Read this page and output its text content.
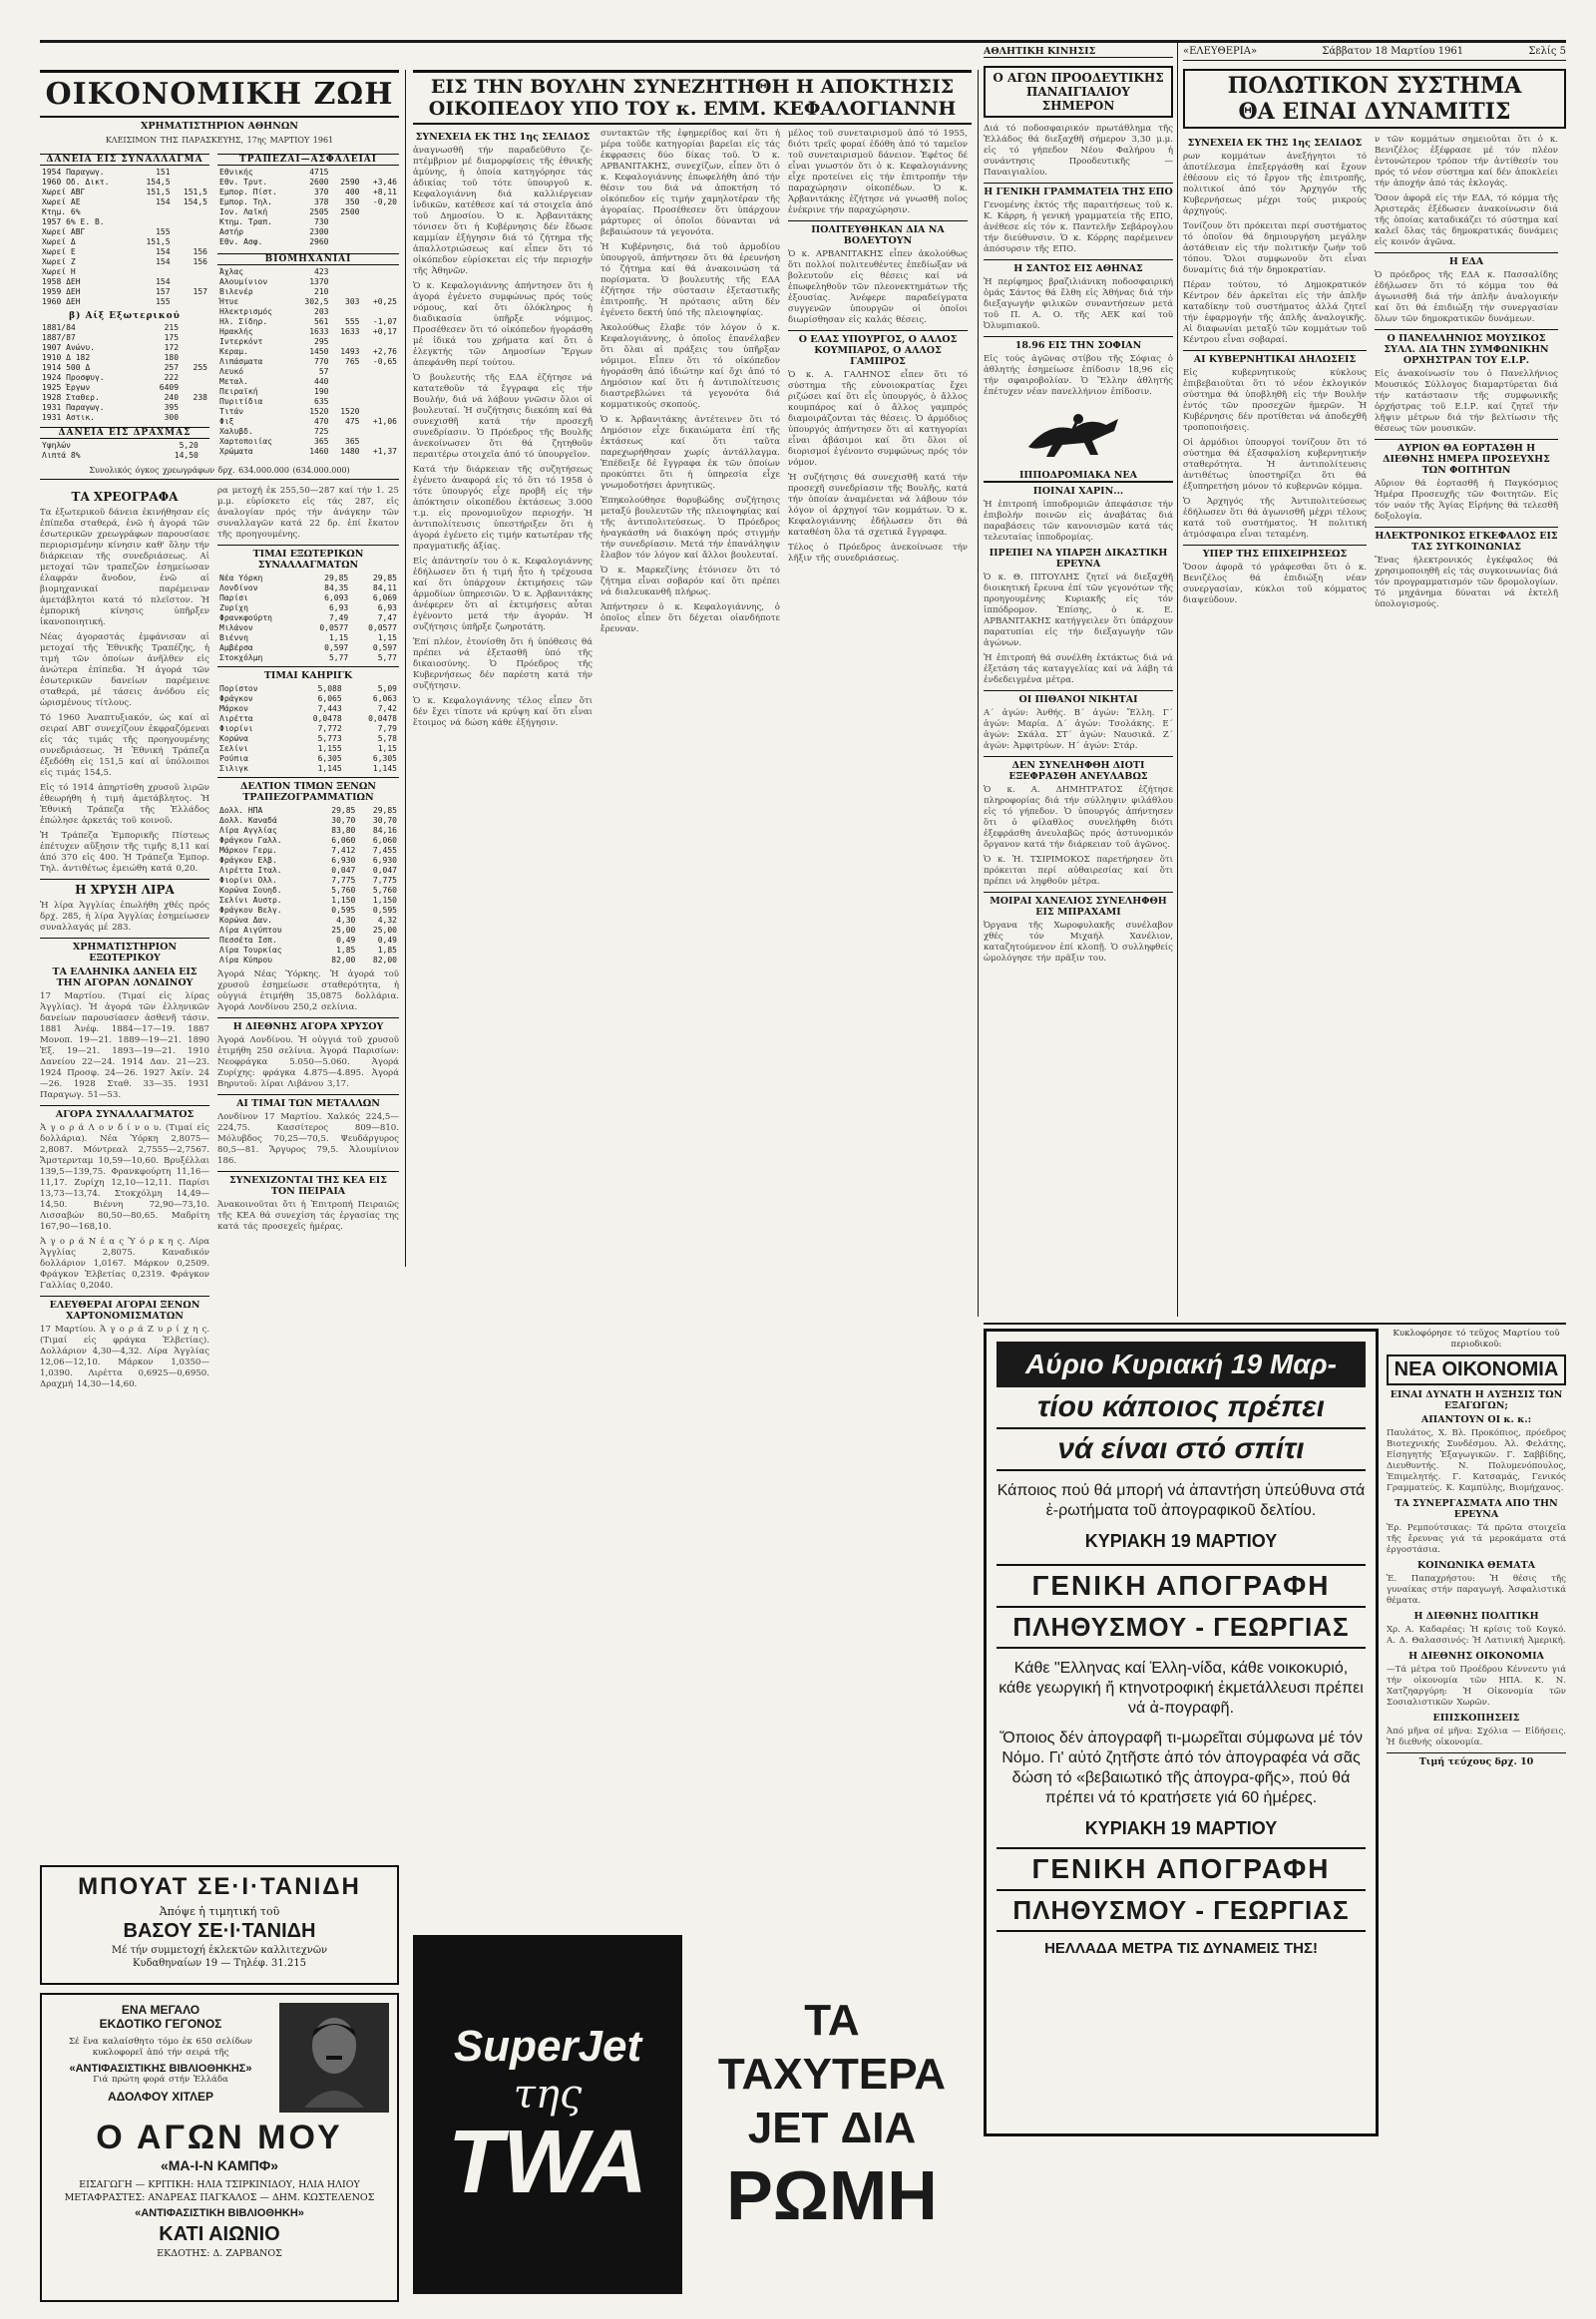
ΟΙΚΟΝΟΜΙΚΗ ΖΩΗ

ΧΡΗΜΑΤΙΣΤΗΡΙΟΝ ΑΘΗΝΩΝ

ΚΛΕΙΣΙΜΟΝ ΤΗΣ ΠΑΡΑΣΚΕΥΗΣ, 17ης ΜΑΡΤΙΟΥ 1961

ΔΑΝΕΙΑ ΕΙΣ ΣΥΝΑΛΛΑΓΜΑ
1954 Παραγωγ.	151	
1960 Οδ. Δικτ.	154,5	
Χωρεί ΑΒΓ	151,5	151,5
Χωρεί ΑΕ	154	154,5
Κτημ. 6%		
1957 6% Ε. Β.		
Χωρεί ΑΒΓ	155	
Χωρεί Δ	151,5	
Χωρεί Ε	154	156
Χωρεί Ζ	154	156
Χωρεί Η		
1958 ΔΕΗ	154	
1959 ΔΕΗ	157	157
1960 ΔΕΗ	155	
β) Αίξ Εξωτερικού
1881/84	215	
1887/87	175	
1907 Ανώνυ.	172	
1910 Δ 182	180	
1914 500 Δ	257	255
1924 Προσφυγ.	222	
1925 Έργων	6409	
1928 Σταθερ.	240	238
1931 Παραγωγ.	395	
1931 Αστικ.	300	
ΔΑΝΕΙΑ ΕΙΣ ΔΡΑΧΜΑΣ
Υψηλών	5,20	
Λιπτά 8%	14,50	
ΤΡΑΠΕΖΑΙ—ΑΣΦΑΛΕΙΑΙ
Εθνικής	4715		
Εθν. Τρυτ.	2600	2590	+3,46
Εμπορ. Πίστ.	370	400	+8,11
Εμπορ. Τηλ.	378	350	-0,20
Ιον. Λαϊκή	2505	2500	
Κτημ. Τραπ.	730		
Αστήρ	2300		
Εθν. Ασφ.	2960		
ΒΙΟΜΗΧΑΝΙΑΙ
Άχλας	423		
Αλουμίνιον	1370		
Βιλενέρ	210		
Ήτυε	302,5	303	+0,25
Ηλεκτρισμός	203		
Ηλ. Σίδηρ.	561	555	-1,07
Ηρακλής	1633	1633	+0,17
Ιντερκόντ	295		
Κεραμ.	1450	1493	+2,76
Λιπάσματα	770	765	-0,65
Λευκό	57		
Μεταλ.	440		
Πειραϊκή	190		
Πυριτίδια	635		
Τιτάν	1520	1520	
Φιξ	470	475	+1,06
Χαλυβδ.	725		
Χαρτοποιίας	365	365	
Χρώματα	1460	1480	+1,37

Συνολικός όγκος χρεωγράφων δρχ. 634.000.000 (634.000.000)

ΤΑ ΧΡΕΟΓΡΑΦΑ

Τα ἐξωτερικοῦ δάνεια ἐκινήθησαν εἰς ἐπίπεδα σταθερά, ἐνῶ ἡ ἀγορά τῶν ἐσωτερικῶν χρεωγράφων παρουσίασε περιορισμένην κίνησιν καθ' ὅλην τήν διάρκειαν τῆς συνεδριάσεως. Αἱ μετοχαί τῶν τραπεζῶν ἐσημείωσαν ἐλαφράν ἄνοδον, ἐνῶ αἱ βιομηχανικαί παρέμειναν ἀμετάβλητοι κατά τό πλεῖστον. Ἡ ἐμπορική κίνησις ὑπῆρξεν ἱκανοποιητική.

Νέας ἀγοραστάς ἐμφάνισαν αἱ μετοχαί τῆς Ἐθνικῆς Τραπέζης, ἡ τιμή τῶν ὁποίων ἀνῆλθεν εἰς ἀνώτερα ἐπίπεδα. Ἡ ἀγορά τῶν ἐσωτερικῶν δανείων παρέμεινε σταθερά, μέ τάσεις ἀνόδου εἰς ὡρισμένους τίτλους.

Τό 1960 Ἀναπτυξιακόν, ὡς καί αἱ σειραί ΑΒΓ συνεχίζουν ἐκφραζόμεναι εἰς τάς τιμάς τῆς προηγουμένης συνεδριάσεως. Ἡ Ἐθνική Τράπεζα ἐξεδόθη εἰς 151,5 καί αἱ ὑπόλοιποι εἰς τιμάς 154,5.

Εἰς τό 1914 ἀπηρτίσθη χρυσοῦ λιρῶν ἐθεωρήθη ἡ τιμή ἀμετάβλητος. Ἡ Ἐθνική Τράπεζα τῆς Ἑλλάδος ἐπώλησε ἀρκετάς τοῦ κοινοῦ.

Ἡ Τράπεζα Ἐμπορικῆς Πίστεως ἐπέτυχεν αὔξησιν τῆς τιμῆς 8,11 καί ἀπό 370 εἰς 400. Ἡ Τράπεζα Ἐμπορ. Τηλ. ἀντιθέτως ἐμειώθη κατά 0,20.

Η ΧΡΥΣΗ ΛΙΡΑ

Ἡ λίρα Ἀγγλίας ἐπωλήθη χθές πρός δρχ. 285, ἡ λίρα Ἀγγλίας ἐσημείωσεν συναλλαγάς μέ 283.

ΧΡΗΜΑΤΙΣΤΗΡΙΟΝ ΕΞΩΤΕΡΙΚΟΥ

ΤΑ ΕΛΛΗΝΙΚΑ ΔΑΝΕΙΑ ΕΙΣ ΤΗΝ ΑΓΟΡΑΝ ΛΟΝΔΙΝΟΥ

17 Μαρτίου. (Τιμαί εἰς λίρας Ἀγγλίας). Ἡ ἀγορά τῶν ἑλληνικῶν δανείων παρουσίασεν ἀσθενῆ τάσιν. 1881 Ἀνέφ. 1884—17—19. 1887 Μονοπ. 19—21. 1889—19—21. 1890 Ἐξ. 19—21. 1893—19—21. 1910 Δανείου 22—24. 1914 Δαν. 21—23. 1924 Προσφ. 24—26. 1927 Ἀκίν. 24—26. 1928 Σταθ. 33—35. 1931 Παραγωγ. 51—53.

ΑΓΟΡΑ ΣΥΝΑΛΛΑΓΜΑΤΟΣ

Ἀ γ ο ρ ά Λ ο ν δ ί ν ο υ. (Τιμαί εἰς δολλάρια). Νέα Ὑόρκη 2,8075—2,8087. Μόντρεαλ 2,7555—2,7567. Ἄμστερνταμ 10,59—10,60. Βρυξέλλαι 139,5—139,75. Φρανκφούρτη 11,16—11,17. Ζυρίχη 12,10—12,11. Παρίσι 13,73—13,74. Στοκχόλμη 14,49—14,50. Βιέννη 72,90—73,10. Λισσαβών 80,50—80,65. Μαδρίτη 167,90—168,10.

Ἀ γ ο ρ ά Ν έ α ς Ὑ ό ρ κ η ς. Λίρα Ἀγγλίας 2,8075. Καναδικόν δολλάριον 1,0167. Μάρκον 0,2509. Φράγκον Ἑλβετίας 0,2319. Φράγκον Γαλλίας 0,2040.

ΕΛΕΥΘΕΡΑΙ ΑΓΟΡΑΙ ΞΕΝΩΝ ΧΑΡΤΟΝΟΜΙΣΜΑΤΩΝ

17 Μαρτίου. Ἀ γ ο ρ ά Ζ υ ρ ί χ η ς. (Τιμαί εἰς φράγκα Ἑλβετίας). Δολλάριον 4,30—4,32. Λίρα Ἀγγλίας 12,06—12,10. Μάρκον 1,0350—1,0390. Λιρέττα 0,6925—0,6950. Δραχμή 14,30—14,60.

ρα μετοχή ἐκ 255,50—287 καί τήν 1. 25 μ.μ. εὑρίσκετο εἰς τάς 287, εἰς ἀναλογίαν πρός τήν ἀνάγκην τῶν συναλλαγῶν κατά 22 δρ. ἐπί ἔκατον τῆς προηγουμένης.

ΤΙΜΑΙ ΕΞΩΤΕΡΙΚΩΝ ΣΥΝΑΛΛΑΓΜΑΤΩΝ

Νέα Υόρκη	29,85	29,85
Λονδίνον	84,35	84,11
Παρίσι	6,093	6,069
Ζυρίχη	6,93	6,93
Φρανκφούρτη	7,49	7,47
Μιλάνον	0,0577	0,0577
Βιέννη	1,15	1,15
Αμβέρσα	0,597	0,597
Στοκχόλμη	5,77	5,77

ΤΙΜΑΙ ΚΑΗΡΙΓΚ

Πορίστον	5,088	5,09
Φράγκον	6,065	6,063
Μάρκον	7,443	7,42
Λιρέττα	0,0478	0,0478
Φιορίνι	7,772	7,79
Κορώνα	5,773	5,78
Σελίνι	1,155	1,15
Ρούπια	6,305	6,305
Σιλιγκ	1,145	1,145

ΔΕΛΤΙΟΝ ΤΙΜΩΝ ΞΕΝΩΝ ΤΡΑΠΕΖΟΓΡΑΜΜΑΤΙΩΝ

Δολλ. ΗΠΑ	29,85	29,85
Δολλ. Καναδά	30,70	30,70
Λίρα Αγγλίας	83,80	84,16
Φράγκον Γαλλ.	6,060	6,060
Μάρκον Γερμ.	7,412	7,455
Φράγκον Ελβ.	6,930	6,930
Λιρέττα Ιταλ.	0,047	0,047
Φιορίνι Ολλ.	7,775	7,775
Κορώνα Σουηδ.	5,760	5,760
Σελίνι Αυστρ.	1,150	1,150
Φράγκον Βελγ.	0,595	0,595
Κορώνα Δαν.	4,30	4,32
Λίρα Αιγύπτου	25,00	25,00
Πεσσέτα Ισπ.	0,49	0,49
Λίρα Τουρκίας	1,85	1,85
Λίρα Κύπρου	82,00	82,00

Ἀγορά Νέας Ὑόρκης. Ἡ ἀγορά τοῦ χρυσοῦ ἐσημείωσε σταθερότητα, ἡ οὐγγιά ἐτιμήθη 35,0875 δολλάρια. Ἀγορά Λονδίνου 250,2 σελίνια.

Η ΔΙΕΘΝΗΣ ΑΓΟΡΑ ΧΡΥΣΟΥ

Ἀγορά Λονδίνου. Ἡ οὐγγιά τοῦ χρυσοῦ ἐτιμήθη 250 σελίνια. Ἀγορά Παρισίων: Νεοφράγκα 5.050—5.060. Ἀγορά Ζυρίχης: φράγκα 4.875—4.895. Ἀγορά Βηρυτοῦ: λίραι Λιβάνου 3,17.

ΑΙ ΤΙΜΑΙ ΤΩΝ ΜΕΤΑΛΛΩΝ

Λονδίνον 17 Μαρτίου. Χαλκός 224,5—224,75. Κασσίτερος 809—810. Μόλυβδος 70,25—70,5. Ψευδάργυρος 80,5—81. Ἄργυρος 79,5. Ἀλουμίνιον 186.

ΣΥΝΕΧΙΖΟΝΤΑΙ ΤΗΣ ΚΕΑ ΕΙΣ ΤΟΝ ΠΕΙΡΑΙΑ

Ἀνακοινοῦται ὅτι ἡ Ἐπιτροπή Πειραιῶς τῆς ΚΕΑ θά συνεχίση τάς ἐργασίας της κατά τάς προσεχεῖς ἡμέρας.

ΕΙΣ ΤΗΝ ΒΟΥΛΗΝ ΣΥΝΕΖΗΤΗΘΗ Η ΑΠΟΚΤΗΣΙΣ

ΟΙΚΟΠΕΔΟΥ ΥΠΟ ΤΟΥ κ. ΕΜΜ. ΚΕΦΑΛΟΓΙΑΝΝΗ

ΣΥΝΕΧΕΙΑ ΕΚ ΤΗΣ 1ης ΣΕΛΙΔΟΣ

ἀναγνωσθῆ τήν παραδεῦθυτο ζε-πτέμβριον μέ διαμορφίσεις τῆς ἐθνικῆς ἀμύνης, ἡ ὁποία κατηγόρησε τάς ἀδικίας τοῦ τότε ὑπουργοῦ κ. Κεφαλογιάννη διά καλλιέργειαν ἰνδικῶν, κατέθεσε καί τά στοιχεῖα ἀπό τοῦ Δημοσίου. Ὁ κ. Ἀρβανιτάκης τόνισεν ὅτι ἡ Κυβέρνησις δέν ἔδωσε καμμίαν ἐξήγησιν διά τό ζήτημα τῆς ἀπαλλοτριώσεως καί εἶπεν ὅτι τό οἰκόπεδον εὑρίσκεται εἰς τήν περιοχήν τῆς Ἀθηνῶν.

Ὁ κ. Κεφαλογιάννης ἀπήντησεν ὅτι ἡ ἀγορά ἐγένετο συμφώνως πρός τούς νόμους, καί ὅτι ὁλόκληρος ἡ διαδικασία ὑπῆρξε νόμιμος. Προσέθεσεν ὅτι τό οἰκόπεδον ἠγοράσθη μέ ἰδικά του χρήματα καί ὅτι ὁ ἐλεγκτής τῶν Δημοσίων Ἔργων ἀπεφάνθη περί τούτου.

Ὁ βουλευτής τῆς ΕΔΑ ἐζήτησε νά κατατεθοῦν τά ἔγγραφα εἰς τήν Βουλήν, διά νά λάβουν γνῶσιν ὅλοι οἱ βουλευταί. Ἡ συζήτησις διεκόπη καί θά συνεχισθῆ κατά τήν προσεχῆ συνεδρίασιν. Ὁ Πρόεδρος τῆς Βουλῆς ἀνεκοίνωσεν ὅτι θά ζητηθοῦν περαιτέρω στοιχεῖα ἀπό τό ὑπουργεῖον.

Κατά τήν διάρκειαν τῆς συζητήσεως ἐγένετο ἀναφορά εἰς τό ὅτι τό 1958 ὁ τότε ὑπουργός εἶχε προβῆ εἰς τήν ἀπόκτησιν οἰκοπέδου ἐκτάσεως 3.000 τ.μ. εἰς προνομιοῦχον περιοχήν. Ἡ ἀντιπολίτευσις ὑπεστήριξεν ὅτι ἡ ἀγορά ἐγένετο εἰς τιμήν κατωτέραν τῆς πραγματικῆς ἀξίας.

Εἰς ἀπάντησίν του ὁ κ. Κεφαλογιάννης ἐδήλωσεν ὅτι ἡ τιμή ἦτο ἡ τρέχουσα καί ὅτι ὑπάρχουν ἐκτιμήσεις τῶν ἁρμοδίων ὑπηρεσιῶν. Ὁ κ. Ἀρβανιτάκης ἀνέφερεν ὅτι αἱ ἐκτιμήσεις αὗται ἐγένοντο μετά τήν ἀγοράν. Ἡ συζήτησις ὑπῆρξε ζωηροτάτη.

Ἐπί πλέον, ἐτονίσθη ὅτι ἡ ὑπόθεσις θά πρέπει νά ἐξετασθῆ ὑπό τῆς δικαιοσύνης. Ὁ Πρόεδρος τῆς Κυβερνήσεως δέν παρέστη κατά τήν συζήτησιν.

Ὁ κ. Κεφαλογιάννης τέλος εἶπεν ὅτι δέν ἔχει τίποτε νά κρύψη καί ὅτι εἶναι ἕτοιμος νά δώση κάθε ἐξήγησιν.

συντακτῶν τῆς ἐφημερίδος καί ὅτι ἡ μέρα τοῦδε κατηγορίαι βαρεῖαι εἰς τάς ἐκφρασεις δύο δίκας τοῦ. Ὁ κ. ΑΡΒΑΝΙΤΑΚΗΣ, συνεχίζων, εἶπεν ὅτι ὁ κ. Κεφαλογιάννης ἐπωφελήθη ἀπό τήν θέσιν του διά νά ἀποκτήση τό οἰκόπεδον εἰς τιμήν χαμηλοτέραν τῆς ἀγοραίας. Προσέθεσεν ὅτι ὑπάρχουν μάρτυρες οἱ ὁποῖοι δύνανται νά βεβαιώσουν τά γεγονότα.

Ἡ Κυβέρνησις, διά τοῦ ἁρμοδίου ὑπουργοῦ, ἀπήντησεν ὅτι θά ἐρευνήση τό ζήτημα καί θά ἀνακοινώση τά πορίσματα. Ὁ βουλευτής τῆς ΕΔΑ ἐζήτησε τήν σύστασιν ἐξεταστικῆς ἐπιτροπῆς. Ἡ πρότασις αὕτη δέν ἐγένετο δεκτή ὑπό τῆς πλειοψηφίας.

Ἀκολούθως ἔλαβε τόν λόγον ὁ κ. Κεφαλογιάννης, ὁ ὁποῖος ἐπανέλαβεν ὅτι ὅλαι αἱ πράξεις του ὑπῆρξαν νόμιμοι. Εἶπεν ὅτι τό οἰκόπεδον ἠγοράσθη ἀπό ἰδιώτην καί ὄχι ἀπό τό Δημόσιον καί ὅτι ἡ ἀντιπολίτευσις διαστρεβλώνει τά γεγονότα διά κομματικούς σκοπούς.

Ὁ κ. Ἀρβανιτάκης ἀντέτεινεν ὅτι τό Δημόσιον εἶχε δικαιώματα ἐπί τῆς ἐκτάσεως καί ὅτι ταῦτα παρεχωρήθησαν χωρίς ἀντάλλαγμα. Ἐπέδειξε δέ ἔγγραφα ἐκ τῶν ὁποίων προκύπτει ὅτι ἡ ὑπηρεσία εἶχε γνωμοδοτήσει ἀρνητικῶς.

Ἐπηκολούθησε θορυβώδης συζήτησις μεταξύ βουλευτῶν τῆς πλειοψηφίας καί τῆς ἀντιπολιτεύσεως. Ὁ Πρόεδρος ἠναγκάσθη νά διακόψη πρός στιγμήν τήν συνεδρίασιν. Μετά τήν ἐπανάληψιν ἔλαβον τόν λόγον καί ἄλλοι βουλευταί.

Ὁ κ. Μαρκεζίνης ἐτόνισεν ὅτι τό ζήτημα εἶναι σοβαρόν καί ὅτι πρέπει νά διαλευκανθῆ πλήρως.

Ἀπήντησεν ὁ κ. Κεφαλογιάννης, ὁ ὁποῖος εἶπεν ὅτι δέχεται οἱανδήποτε ἔρευναν.

μέλος τοῦ συνεταιρισμοῦ ἀπό τό 1955, διότι τρεῖς φοραί ἐδόθη ἀπό τό ταμεῖον τοῦ συνεταιρισμοῦ δάνειον. Ἐφέτος δέ εἶναι γνωστόν ὅτι ὁ κ. Κεφαλογιάννης εἶχε προτείνει εἰς τήν ἐπιτροπήν τήν παραχώρησιν οἰκοπέδων. Ὁ κ. Ἀρβανιτάκης ἐζήτησε νά γνωσθῆ ποῖος ἐνέκρινε τήν παραχώρησιν.

ΠΟΛΙΤΕΥΘΗΚΑΝ ΔΙΑ ΝΑ ΒΟΛΕΥΤΟΥΝ

Ὁ κ. ΑΡΒΑΝΙΤΑΚΗΣ εἶπεν ἀκολούθως ὅτι πολλοί πολιτευθέντες ἐπεδίωξαν νά βολευτοῦν εἰς θέσεις καί νά ἐπωφεληθοῦν τῶν πλεονεκτημάτων τῆς ἐξουσίας. Ἀνέφερε παραδείγματα συγγενῶν ὑπουργῶν οἱ ὁποῖοι διωρίσθησαν εἰς καλάς θέσεις.

Ο ΕΛΑΣ ΥΠΟΥΡΓΟΣ, Ο ΑΛΛΟΣ ΚΟΥΜΠΑΡΟΣ, Ο ΑΛΛΟΣ ΓΑΜΠΡΟΣ

Ὁ κ. Α. ΓΑΛΗΝΟΣ εἶπεν ὅτι τό σύστημα τῆς εὐνοιοκρατίας ἔχει ριζώσει καί ὅτι εἷς ὑπουργός, ὁ ἄλλος κουμπάρος καί ὁ ἄλλος γαμπρός διαμοιράζονται τάς θέσεις. Ὁ ἁρμόδιος ὑπουργός ἀπήντησεν ὅτι αἱ κατηγορίαι εἶναι ἀβάσιμοι καί ὅτι ὅλοι οἱ διορισμοί ἐγένοντο συμφώνως πρός τόν νόμον.

Ἡ συζήτησις θά συνεχισθῆ κατά τήν προσεχῆ συνεδρίασιν τῆς Βουλῆς, κατά τήν ὁποίαν ἀναμένεται νά λάβουν τόν λόγον οἱ ἀρχηγοί τῶν κομμάτων. Ὁ κ. Κεφαλογιάννης ἐδήλωσεν ὅτι θά καταθέση ὅλα τά σχετικά ἔγγραφα.

Τέλος ὁ Πρόεδρος ἀνεκοίνωσε τήν λῆξιν τῆς συνεδριάσεως.

ΑΘΛΗΤΙΚΗ ΚΙΝΗΣΙΣ

Ο ΑΓΩΝ ΠΡΟΟΔΕΥΤΙΚΗΣ ΠΑΝΑΙΓΙΑΛΙΟΥ ΣΗΜΕΡΟΝ

Διά τό ποδοσφαιρικόν πρωτάθλημα τῆς Ἑλλάδος θά διεξαχθῆ σήμερον 3,30 μ.μ. εἰς τό γήπεδον Νέου Φαλήρου ἡ συνάντησις Προοδευτικῆς — Παναιγιαλίου.

Η ΓΕΝΙΚΗ ΓΡΑΜΜΑΤΕΙΑ ΤΗΣ ΕΠΟ

Γενομένης ἐκτός τῆς παραιτήσεως τοῦ κ. Κ. Κάρρη, ἡ γενική γραμματεία τῆς ΕΠΟ, ἀνέθεσε εἰς τόν κ. Παντελῆν Σεβάρογλου τήν διεύθυνσιν. Ὁ κ. Κόρρης παρέμεινεν ἀπόσυρσιν τῆς ΕΠΟ.

Η ΣΑΝΤΟΣ ΕΙΣ ΑΘΗΝΑΣ

Ἡ περίφημος βραζιλιάνικη ποδοσφαιρική ὁμάς Σάντος θά ἔλθη εἰς Ἀθήνας διά τήν διεξαγωγήν φιλικῶν συναντήσεων μετά τοῦ Π. Α. Ο. τῆς ΑΕΚ καί τοῦ Ὀλυμπιακοῦ.

18.96 ΕΙΣ ΤΗΝ ΣΟΦΙΑΝ

Εἰς τούς ἀγῶνας στίβου τῆς Σόφιας ὁ ἀθλητής ἐσημείωσε ἐπίδοσιν 18,96 εἰς τήν σφαιροβολίαν. Ὁ Ἕλλην ἀθλητής ἐπέτυχεν νέαν πανελλήνιον ἐπίδοσιν.

ΙΠΠΟΔΡΟΜΙΑΚΑ ΝΕΑ

ΠΟΙΝΑΙ ΧΑΡΙΝ...

Ἡ ἐπιτροπή ἱπποδρομιῶν ἀπεφάσισε τήν ἐπιβολήν ποινῶν εἰς ἀναβάτας διά παραβάσεις τῶν κανονισμῶν κατά τάς τελευταίας ἱπποδρομίας.

ΠΡΕΠΕΙ ΝΑ ΥΠΑΡΞΗ ΔΙΚΑΣΤΙΚΗ ΕΡΕΥΝΑ

Ὁ κ. Θ. ΠΙΤΟΥΛΗΣ ζητεῖ νά διεξαχθῆ διοικητική ἔρευνα ἐπί τῶν γεγονότων τῆς προηγουμένης Κυριακῆς εἰς τόν ἱππόδρομον. Ἐπίσης, ὁ κ. Ε. ΑΡΒΑΝΙΤΑΚΗΣ κατήγγειλεν ὅτι ὑπάρχουν παρατυπίαι εἰς τήν διεξαγωγήν τῶν ἀγώνων.

Ἡ ἐπιτροπή θά συνέλθη ἐκτάκτως διά νά ἐξετάση τάς καταγγελίας καί νά λάβη τά ἐνδεδειγμένα μέτρα.

ΟΙ ΠΙΘΑΝΟΙ ΝΙΚΗΤΑΙ

Α΄ ἀγών: Ἀνθής. Β΄ ἀγών: Ἔλλη. Γ΄ ἀγών: Μαρία. Δ΄ ἀγών: Τσολάκης. Ε΄ ἀγών: Σκάλα. ΣΤ΄ ἀγών: Ναυσικᾶ. Ζ΄ ἀγών: Ἀμφιτρύων. Η΄ ἀγών: Στάρ.

ΔΕΝ ΣΥΝΕΛΗΦΘΗ ΔΙΟΤΙ ΕΞΕΦΡΑΣΘΗ ΑΝΕΥΛΑΒΩΣ

Ὁ κ. Α. ΔΗΜΗΤΡΑΤΟΣ ἐζήτησε πληροφορίας διά τήν σύλληψιν φιλάθλου εἰς τό γήπεδον. Ὁ ὑπουργός ἀπήντησεν ὅτι ὁ φίλαθλος συνελήφθη διότι ἐξεφράσθη ἀνευλαβῶς πρός ἀστυνομικόν ὄργανον κατά τήν διάρκειαν τοῦ ἀγῶνος.

Ὁ κ. Ἡ. ΤΣΙΡΙΜΟΚΟΣ παρετήρησεν ὅτι πρόκειται περί αὐθαιρεσίας καί ὅτι πρέπει νά ληφθοῦν μέτρα.

ΜΟΙΡΑΙ ΧΑΝΕΛΙΟΣ ΣΥΝΕΛΗΦΘΗ ΕΙΣ ΜΠΡΑΧΑΜΙ

Ὀργανα τῆς Χωροφυλακῆς συνέλαβον χθές τόν Μιχαήλ Χανέλιον, καταζητούμενον ἐπί κλοπῇ. Ὁ συλληφθείς ὡμολόγησε τήν πρᾶξιν του.

«ΕΛΕΥΘΕΡΙΑ»	Σάββατον 18 Μαρτίου 1961	Σελίς 5

ΠΟΛΩΤΙΚΟΝ ΣΥΣΤΗΜΑ

ΘΑ ΕΙΝΑΙ ΔΥΝΑΜΙΤΙΣ

ΣΥΝΕΧΕΙΑ ΕΚ ΤΗΣ 1ης ΣΕΛΙΔΟΣ

ρων κομμάτων ἀνεξήγητοι τό ἀποτέλεσμα ἐπεξεργάσθη καί ἔχουν ἐθέσουν εἰς τό ἔργον τῆς ἐπιτροπῆς, πολιτικοί ἀπό τόν Ἀρχηγόν τῆς Κυβερνήσεως μέχρι τούς μικρούς ἀρχηγούς.

Τονίζουν ὅτι πρόκειται περί συστήματος τό ὁποῖον θά δημιουργήση μεγάλην ἀστάθειαν εἰς τήν πολιτικήν ζωήν τοῦ τόπου. Ὅλοι συμφωνοῦν ὅτι εἶναι δυναμίτις διά τήν δημοκρατίαν.

Πέραν τούτου, τό Δημοκρατικόν Κέντρον δέν ἀρκεῖται εἰς τήν ἀπλῆν καταδίκην τοῦ συστήματος ἀλλά ζητεῖ τήν ἐφαρμογήν τῆς ἀπλῆς ἀναλογικῆς. Αἱ διαφωνίαι μεταξύ τῶν κομμάτων τοῦ Κέντρου εἶναι σοβαραί.

ΑΙ ΚΥΒΕΡΝΗΤΙΚΑΙ ΔΗΛΩΣΕΙΣ

Εἰς κυβερνητικούς κύκλους ἐπιβεβαιοῦται ὅτι τό νέον ἐκλογικόν σύστημα θά ὑποβληθῆ εἰς τήν Βουλήν ἐντός τῶν προσεχῶν ἡμερῶν. Ἡ Κυβέρνησις δέν προτίθεται νά ἀποδεχθῆ τροποποιήσεις.

Οἱ ἀρμόδιοι ὑπουργοί τονίζουν ὅτι τό σύστημα θά ἐξασφαλίση κυβερνητικήν σταθερότητα. Ἡ ἀντιπολίτευσις ἀντιθέτως ὑποστηρίζει ὅτι θά ἐξυπηρετήση μόνον τό κυβερνῶν κόμμα.

Ὁ Ἀρχηγός τῆς Ἀντιπολιτεύσεως ἐδήλωσεν ὅτι θά ἀγωνισθῆ μέχρι τέλους κατά τοῦ συστήματος. Ἡ πολιτική ἀτμόσφαιρα εἶναι τεταμένη.

ΥΠΕΡ ΤΗΣ ΕΠΙΧΕΙΡΗΣΕΩΣ

Ὅσον ἀφορᾶ τό γράφεσθαι ὅτι ὁ κ. Βενιζέλος θά ἐπιδιώξη νέαν συνεργασίαν, κύκλοι τοῦ κόμματος διαψεύδουν.

ν τῶν κομμάτων σημειοῦται ὅτι ὁ κ. Βενιζέλος ἐξέφρασε μέ τόν πλέον ἐντονώτερον τρόπον τήν ἀντίθεσίν του πρός τό νέον σύστημα καί δέν ἀποκλείει τήν ἀποχήν ἀπό τάς ἐκλογάς.

Ὅσον ἀφορᾶ εἰς τήν ΕΔΑ, τό κόμμα τῆς Ἀριστερᾶς ἐξέδωσεν ἀνακοίνωσιν διά τῆς ὁποίας καταδικάζει τό σύστημα καί καλεῖ ὅλας τάς δημοκρατικάς δυνάμεις εἰς κοινόν ἀγῶνα.

Η ΕΔΑ

Ὁ πρόεδρος τῆς ΕΔΑ κ. Πασσαλίδης ἐδήλωσεν ὅτι τό κόμμα του θά ἀγωνισθῆ διά τήν ἀπλῆν ἀναλογικήν καί ὅτι θά ἐπιδιώξη τήν συνεργασίαν ὅλων τῶν δημοκρατικῶν δυνάμεων.

Ο ΠΑΝΕΛΛΗΝΙΟΣ ΜΟΥΣΙΚΟΣ ΣΥΛΛ. ΔΙΑ ΤΗΝ ΣΥΜΦΩΝΙΚΗΝ ΟΡΧΗΣΤΡΑΝ ΤΟΥ Ε.Ι.Ρ.

Εἰς ἀνακοίνωσίν του ὁ Πανελλήνιος Μουσικός Σύλλογος διαμαρτύρεται διά τήν κατάστασιν τῆς συμφωνικῆς ὀρχήστρας τοῦ Ε.Ι.Ρ. καί ζητεῖ τήν λῆψιν μέτρων διά τήν βελτίωσιν τῆς θέσεως τῶν μουσικῶν.

ΑΥΡΙΟΝ ΘΑ ΕΟΡΤΑΣΘΗ Η ΔΙΕΘΝΗΣ ΗΜΕΡΑ ΠΡΟΣΕΥΧΗΣ ΤΩΝ ΦΟΙΤΗΤΩΝ

Αὔριον θά ἑορτασθῆ ἡ Παγκόσμιος Ἡμέρα Προσευχῆς τῶν Φοιτητῶν. Εἰς τόν ναόν τῆς Ἁγίας Εἰρήνης θά τελεσθῆ δοξολογία.

ΗΛΕΚΤΡΟΝΙΚΟΣ ΕΓΚΕΦΑΛΟΣ ΕΙΣ ΤΑΣ ΣΥΓΚΟΙΝΩΝΙΑΣ

Ἕνας ἠλεκτρονικός ἐγκέφαλος θά χρησιμοποιηθῆ εἰς τάς συγκοινωνίας διά τόν προγραμματισμόν τῶν δρομολογίων. Τό μηχάνημα δύναται νά ἐκτελῆ ὑπολογισμούς.

Αύριο Κυριακή 19 Μαρ-

τίου κάποιος πρέπει

νά είναι στό σπίτι

Κάποιος πού θά μπορή νά ἀπαντήση ὑπεύθυνα στά ἐ-ρωτήματα τοῦ ἀπογραφικοῦ δελτίου.

ΚΥΡΙΑΚΗ 19 ΜΑΡΤΙΟΥ

ΓΕΝΙΚΗ ΑΠΟΓΡΑΦΗ

ΠΛΗΘΥΣΜΟΥ - ΓΕΩΡΓΙΑΣ

Κάθε "Ελληνας καί Ἑλλη-νίδα, κάθε νοικοκυριό, κάθε γεωργική ἤ κτηνοτροφική ἐκμετάλλευσι πρέπει νά ἀ-πογραφῆ.

Ὅποιος δέν ἀπογραφῆ τι-μωρεῖται σύμφωνα μέ τόν Νόμο. Γι' αὐτό ζητῆστε ἀπό τόν ἀπογραφέα νά σᾶς δώση τό «βεβαιωτικό τῆς ἀπογρα-φῆς», πού θά πρέπει νά τό κρατήσετε γιά 60 ἡμέρες.

ΚΥΡΙΑΚΗ 19 ΜΑΡΤΙΟΥ

ΓΕΝΙΚΗ ΑΠΟΓΡΑΦΗ

ΠΛΗΘΥΣΜΟΥ - ΓΕΩΡΓΙΑΣ

ΗΕΛΛΑΔΑ ΜΕΤΡΑ ΤΙΣ ΔΥΝΑΜΕΙΣ ΤΗΣ!

Κυκλοφόρησε τό τεῦχος Μαρτίου τοῦ περιοδικοῦ:

ΝΕΑ ΟΙΚΟΝΟΜΙΑ

ΕΙΝΑΙ ΔΥΝΑΤΗ Η ΑΥΞΗΣΙΣ ΤΩΝ ΕΞΑΓΩΓΩΝ;

ΑΠΑΝΤΟΥΝ ΟΙ κ. κ.:

Παυλάτος, Χ. Βλ. Προκόπιος, πρόεδρος Βιοτεχνικής Συνδέσμου. Ἀλ. Φελάτης, Εἰσηγητής Ἐξαγωγικῶν. Γ. Σαββίδης, Διευθυντής. Ν. Πολυμενόπουλος, Ἐπιμελητής. Γ. Κατσαμάς, Γενικός Γραμματεύς. Κ. Καμπύλης, Βιομήχανος.

ΤΑ ΣΥΝΕΡΓΑΣΜΑΤΑ ΑΠΟ ΤΗΝ ΕΡΕΥΝΑ

Ἐρ. Ρεμπούτσικας: Τά πρῶτα στοιχεῖα τῆς ἔρευνας γιά τά μεροκάματα στά ἐργοστάσια.

ΚΟΙΝΩΝΙΚΑ ΘΕΜΑΤΑ

Ἐ. Παπαχρήστου: Ἡ θέσις τῆς γυναίκας στήν παραγωγή. Ἀσφαλιστικά θέματα.

Η ΔΙΕΘΝΗΣ ΠΟΛΙΤΙΚΗ

Χρ. Α. Καδαρέας: Ἡ κρίσις τοῦ Κογκό. Α. Δ. Θαλασσινός: Ἡ Λατινική Ἀμερική.

Η ΔΙΕΘΝΗΣ ΟΙΚΟΝΟΜΙΑ

—Τά μέτρα τοῦ Προέδρου Κέννεντυ γιά τήν οἰκονομία τῶν ΗΠΑ. Κ. Ν. Χατζηαργύρη: Ἡ Οἰκονομία τῶν Σοσιαλιστικῶν Χωρῶν.

ΕΠΙΣΚΟΠΗΣΕΙΣ

Ἀπό μῆνα σέ μῆνα: Σχόλια — Εἰδήσεις. Ἡ διεθνής οἰκονομία.

Τιμή τεύχους δρχ. 10

ΜΠΟΥΑΤ ΣΕ·Ι·ΤΑΝΙΔΗ

Ἀπόψε ἡ τιμητική τοῦ

ΒΑΣΟΥ ΣΕ·Ι·ΤΑΝΙΔΗ

Μέ τήν συμμετοχή ἐκλεκτῶν καλλιτεχνῶν

Κυδαθηναίων 19 — Τηλέφ. 31.215

ΕΝΑ ΜΕΓΑΛΟ

ΕΚΔΟΤΙΚΟ ΓΕΓΟΝΟΣ

Σέ ἕνα καλαίσθητο τόμο ἐκ 650 σελίδων κυκλοφορεῖ ἀπό τήν σειρά τῆς

«ΑΝΤΙΦΑΣΙΣΤΙΚΗΣ ΒΙΒΛΙΟΘΗΚΗΣ»

Γιά πρώτη φορά στήν Ἑλλάδα

ΑΔΟΛΦΟΥ ΧΙΤΛΕΡ

Ο ΑΓΩΝ ΜΟΥ

«ΜΑ-Ι-Ν ΚΑΜΠΦ»

ΕΙΣΑΓΩΓΗ — ΚΡΙΤΙΚΗ: ΗΛΙΑ ΤΣΙΡΚΙΝΙΔΟΥ, ΗΛΙΑ ΗΛΙΟΥ

ΜΕΤΑΦΡΑΣΤΕΣ: ΑΝΔΡΕΑΣ ΠΑΓΚΑΛΟΣ — ΔΗΜ. ΚΩΣΤΕΛΕΝΟΣ

«ΑΝΤΙΦΑΣΙΣΤΙΚΗ ΒΙΒΛΙΟΘΗΚΗ»

ΚΑΤΙ ΑΙΩΝΙΟ

ΕΚΔΟΤΗΣ: Δ. ΖΑΡΒΑΝΟΣ

SuperJet

της

TWA

ΤΑ ΤΑΧΥΤΕΡΑ

JET ΔΙΑ

ΡΩΜΗ
